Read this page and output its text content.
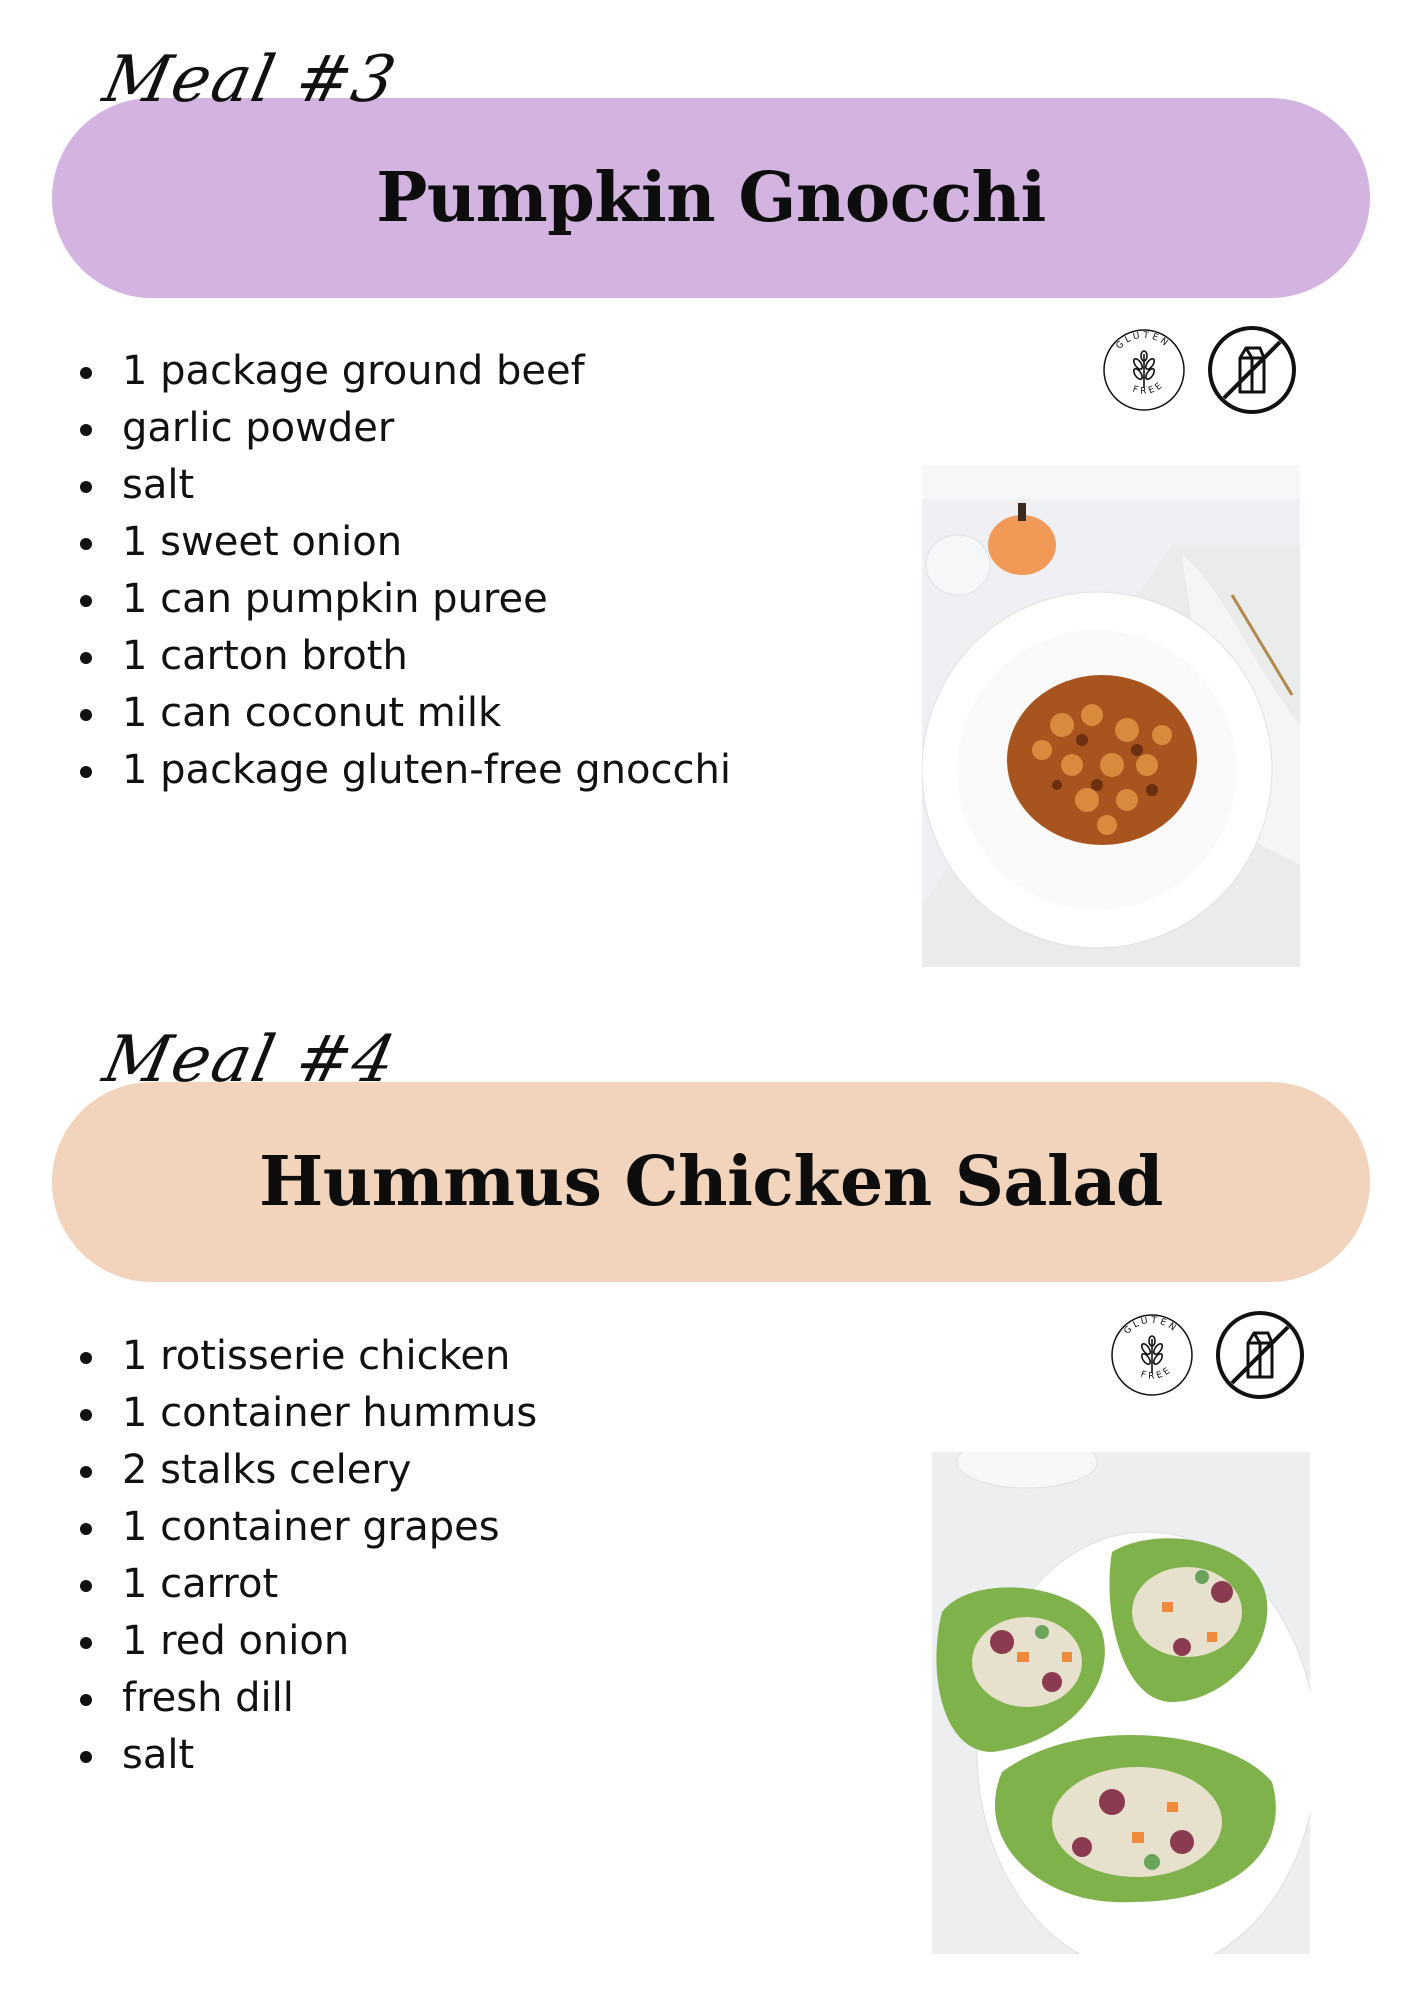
Meal #3
Pumpkin Gnocchi
1 package ground beef
garlic powder
salt
1 sweet onion
1 can pumpkin puree
1 carton broth
1 can coconut milk
1 package gluten-free gnocchi
GLUTEN
FREE
Meal #4
Hummus Chicken Salad
1 rotisserie chicken
1 container hummus
2 stalks celery
1 container grapes
1 carrot
1 red onion
fresh dill
salt
GLUTEN
FREE
